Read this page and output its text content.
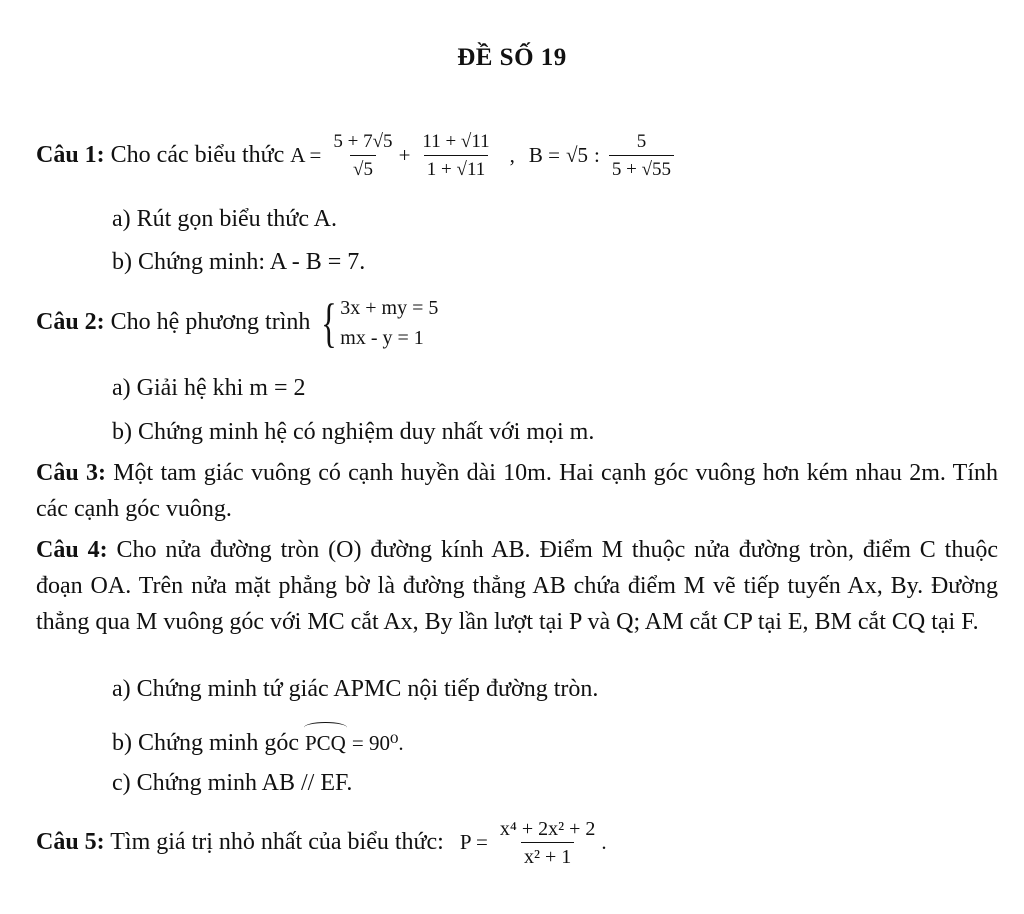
ĐỀ SỐ 19
Câu 1: Cho các biểu thức $A = \frac{5 + 7√5}{√5} + \frac{11 + √11}{1 + √11}$ , B = √5 : $\frac{5}{5 + √55}$
a) Rút gọn biểu thức A.
b) Chứng minh: A - B = 7.
Câu 2: Cho hệ phương trình { 3x + my = 5
mx - y = 1
a) Giải hệ khi m = 2
b) Chứng minh hệ có nghiệm duy nhất với mọi m.
Câu 3: Một tam giác vuông có cạnh huyền dài 10m. Hai cạnh góc vuông hơn kém nhau 2m. Tính các cạnh góc vuông.
Câu 4: Cho nửa đường tròn (O) đường kính AB. Điểm M thuộc nửa đường tròn, điểm C thuộc đoạn OA. Trên nửa mặt phẳng bờ là đường thẳng AB chứa điểm M vẽ tiếp tuyến Ax, By. Đường thẳng qua M vuông góc với MC cắt Ax, By lần lượt tại P và Q; AM cắt CP tại E, BM cắt CQ tại F.
a) Chứng minh tứ giác APMC nội tiếp đường tròn.
b) Chứng minh góc PCQ = 90⁰.
c) Chứng minh AB // EF.
Câu 5: Tìm giá trị nhỏ nhất của biểu thức: $P = \frac{\text{x⁴ + 2x² + 2}}{\text{x² + 1}}$ .
